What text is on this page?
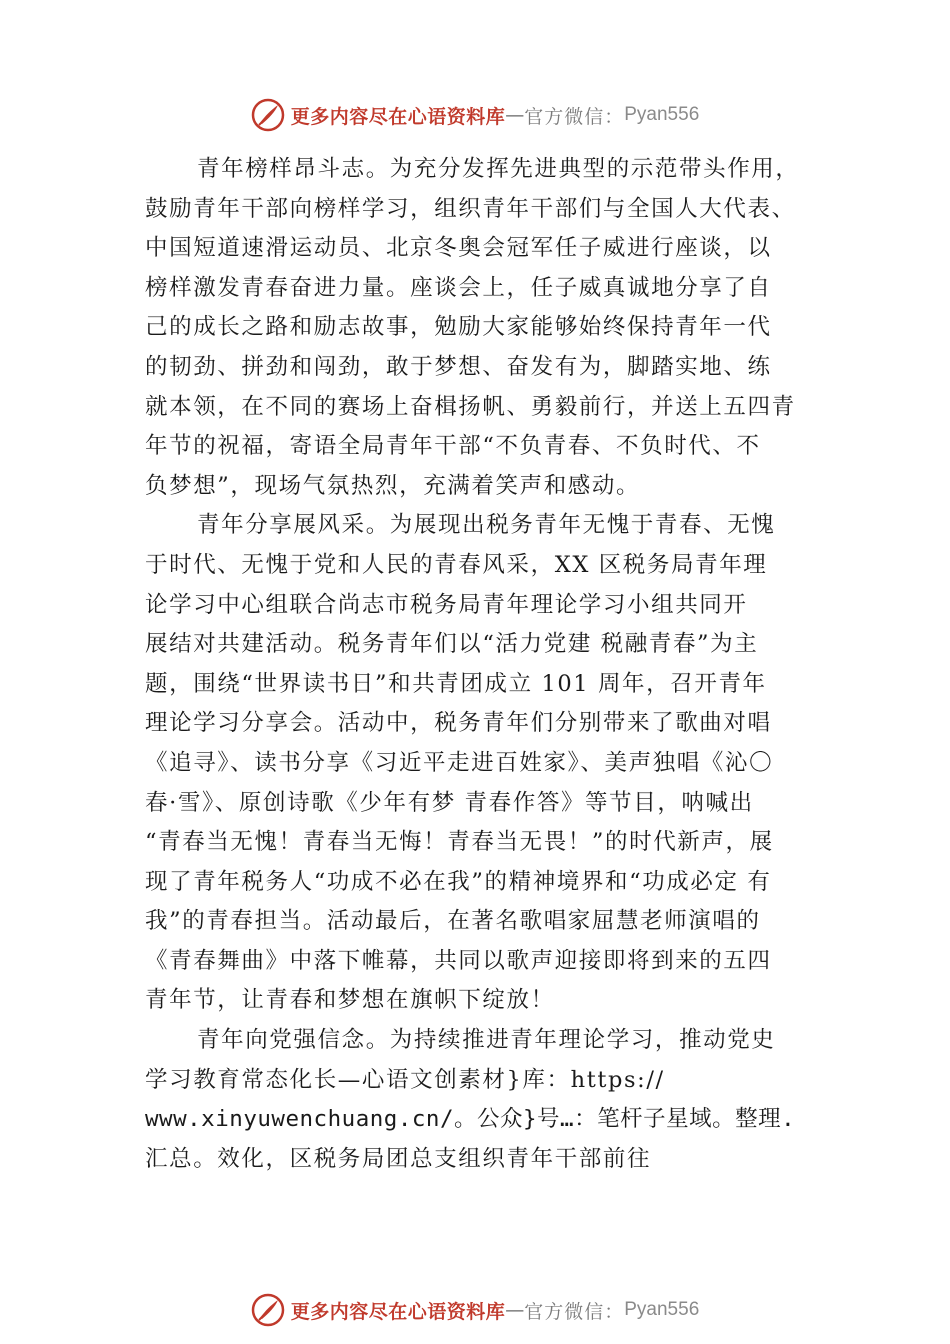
更多内容尽在心语资料库 — 官方微信： Pyan556
青年榜样昂斗志。为充分发挥先进典型的示范带头作用，
鼓励青年干部向榜样学习，组织青年干部们与全国人大代表、
中国短道速滑运动员、北京冬奥会冠军任子威进行座谈，以
榜样激发青春奋进力量。座谈会上，任子威真诚地分享了自
己的成长之路和励志故事，勉励大家能够始终保持青年一代
的韧劲、拼劲和闯劲，敢于梦想、奋发有为，脚踏实地、练
就本领，在不同的赛场上奋楫扬帆、勇毅前行，并送上五四青
年节的祝福，寄语全局青年干部“不负青春、不负时代、不
负梦想”，现场气氛热烈，充满着笑声和感动。
青年分享展风采。为展现出税务青年无愧于青春、无愧
于时代、无愧于党和人民的青春风采，XX 区税务局青年理
论学习中心组联合尚志市税务局青年理论学习小组共同开
展结对共建活动。税务青年们以“活力党建 税融青春”为主
题，围绕“世界读书日”和共青团成立 101 周年，召开青年
理论学习分享会。活动中，税务青年们分别带来了歌曲对唱
《追寻》、读书分享《习近平走进百姓家》、美声独唱《沁〇
春·雪》、原创诗歌《少年有梦 青春作答》等节目，呐喊出
“青春当无愧！青春当无悔！青春当无畏！”的时代新声，展
现了青年税务人“功成不必在我”的精神境界和“功成必定 有
我”的青春担当。活动最后，在著名歌唱家屈慧老师演唱的
《青春舞曲》中落下帷幕，共同以歌声迎接即将到来的五四
青年节，让青春和梦想在旗帜下绽放！
青年向党强信念。为持续推进青年理论学习，推动党史
学习教育常态化长—心语文创素材}库：https://
www.xinyuwenchuang.cn/。公众}号…：笔杆子星域。整理.
汇总。效化，区税务局团总支组织青年干部前往
更多内容尽在心语资料库 — 官方微信： Pyan556
